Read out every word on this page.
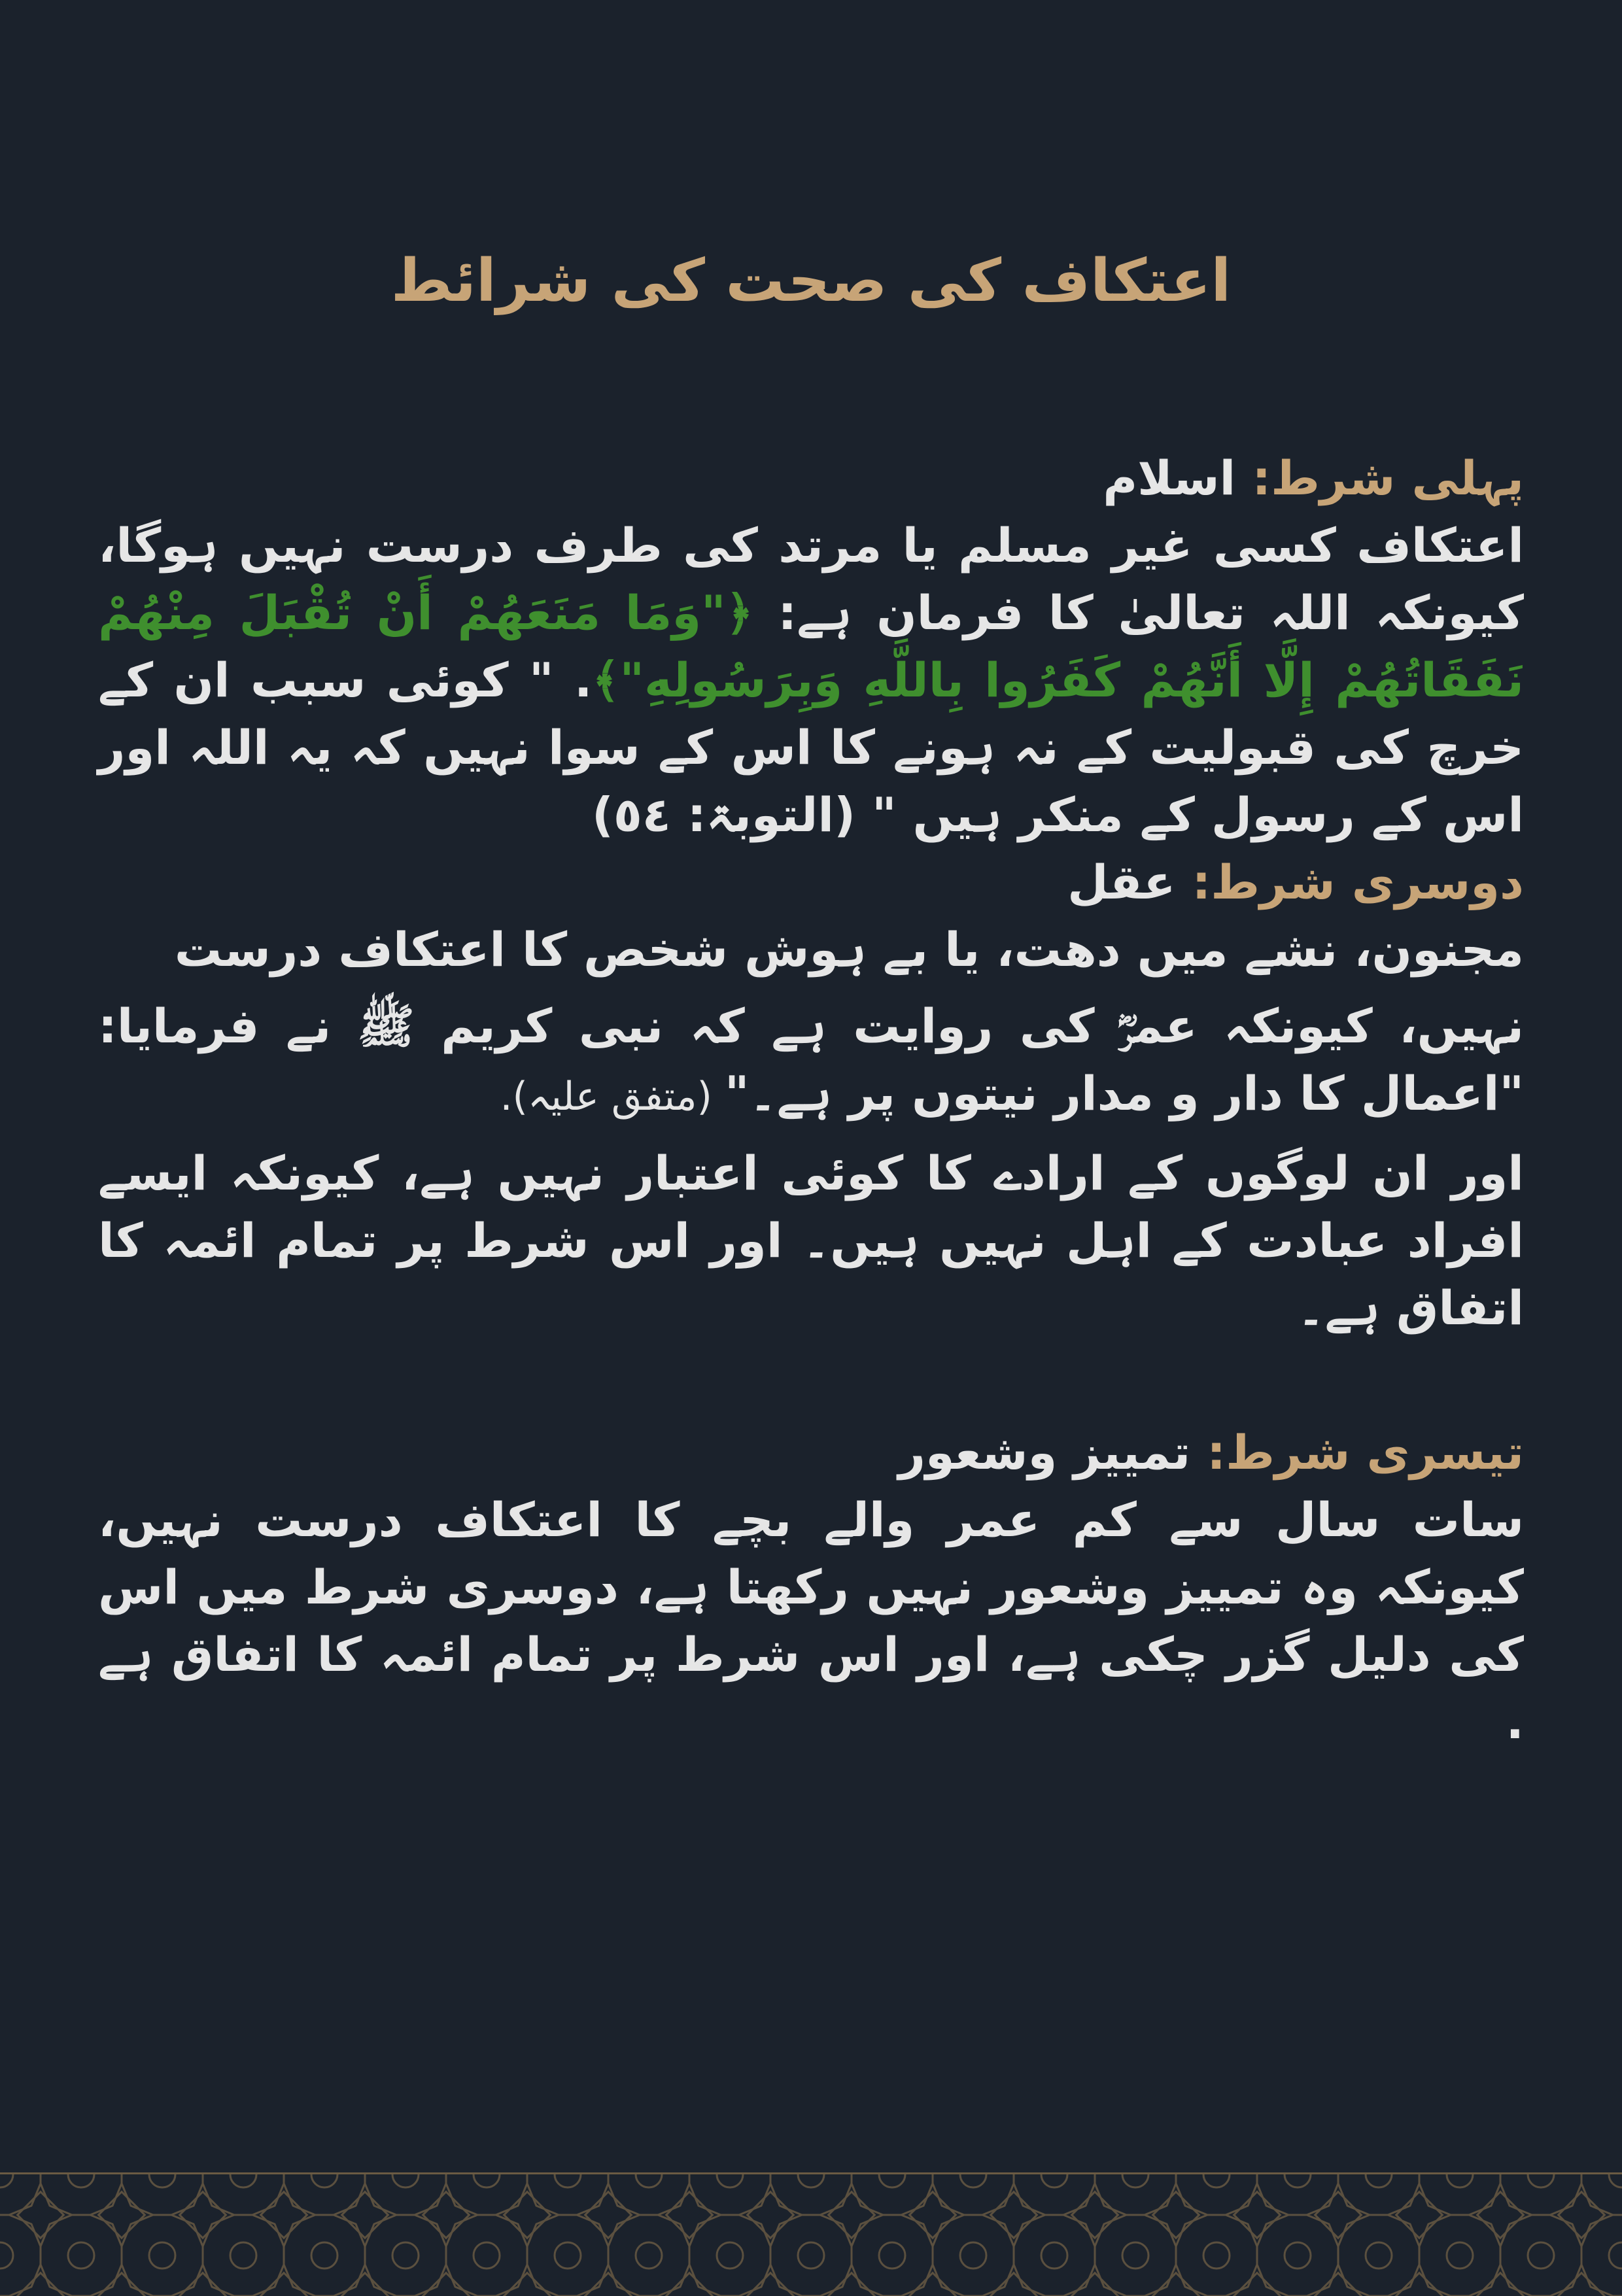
اعتکاف کی صحت کی شرائط

پہلی شرط: اسلام

اعتکاف کسی غیر مسلم یا مرتد کی طرف درست نہیں ہوگا، کیونکہ اللہ تعالیٰ کا فرمان ہے: ﴿"وَمَا مَنَعَهُمْ أَنْ تُقْبَلَ مِنْهُمْ نَفَقَاتُهُمْ إِلَّا أَنَّهُمْ كَفَرُوا بِاللَّهِ وَبِرَسُولِهِ"﴾. " کوئی سبب ان کے خرچ کی قبولیت کے نہ ہونے کا اس کے سوا نہیں کہ یہ اللہ اور اس کے رسول کے منکر ہیں " (التوبۃ: ٥٤)

دوسری شرط: عقل

مجنون، نشے میں دھت، یا بے ہوش شخص کا اعتکاف درست

نہیں، کیونکہ عمرؓ کی روایت ہے کہ نبی کریم ﷺ نے فرمایا: "اعمال کا دار و مدار نیتوں پر ہے۔" (متفق علیہ).

اور ان لوگوں کے ارادے کا کوئی اعتبار نہیں ہے، کیونکہ ایسے افراد عبادت کے اہل نہیں ہیں۔ اور اس شرط پر تمام ائمہ کا اتفاق ہے۔

تیسری شرط: تمییز وشعور

سات سال سے کم عمر والے بچے کا اعتکاف درست نہیں، کیونکہ وہ تمییز وشعور نہیں رکھتا ہے، دوسری شرط میں اس کی دلیل گزر چکی ہے، اور اس شرط پر تمام ائمہ کا اتفاق ہے .
